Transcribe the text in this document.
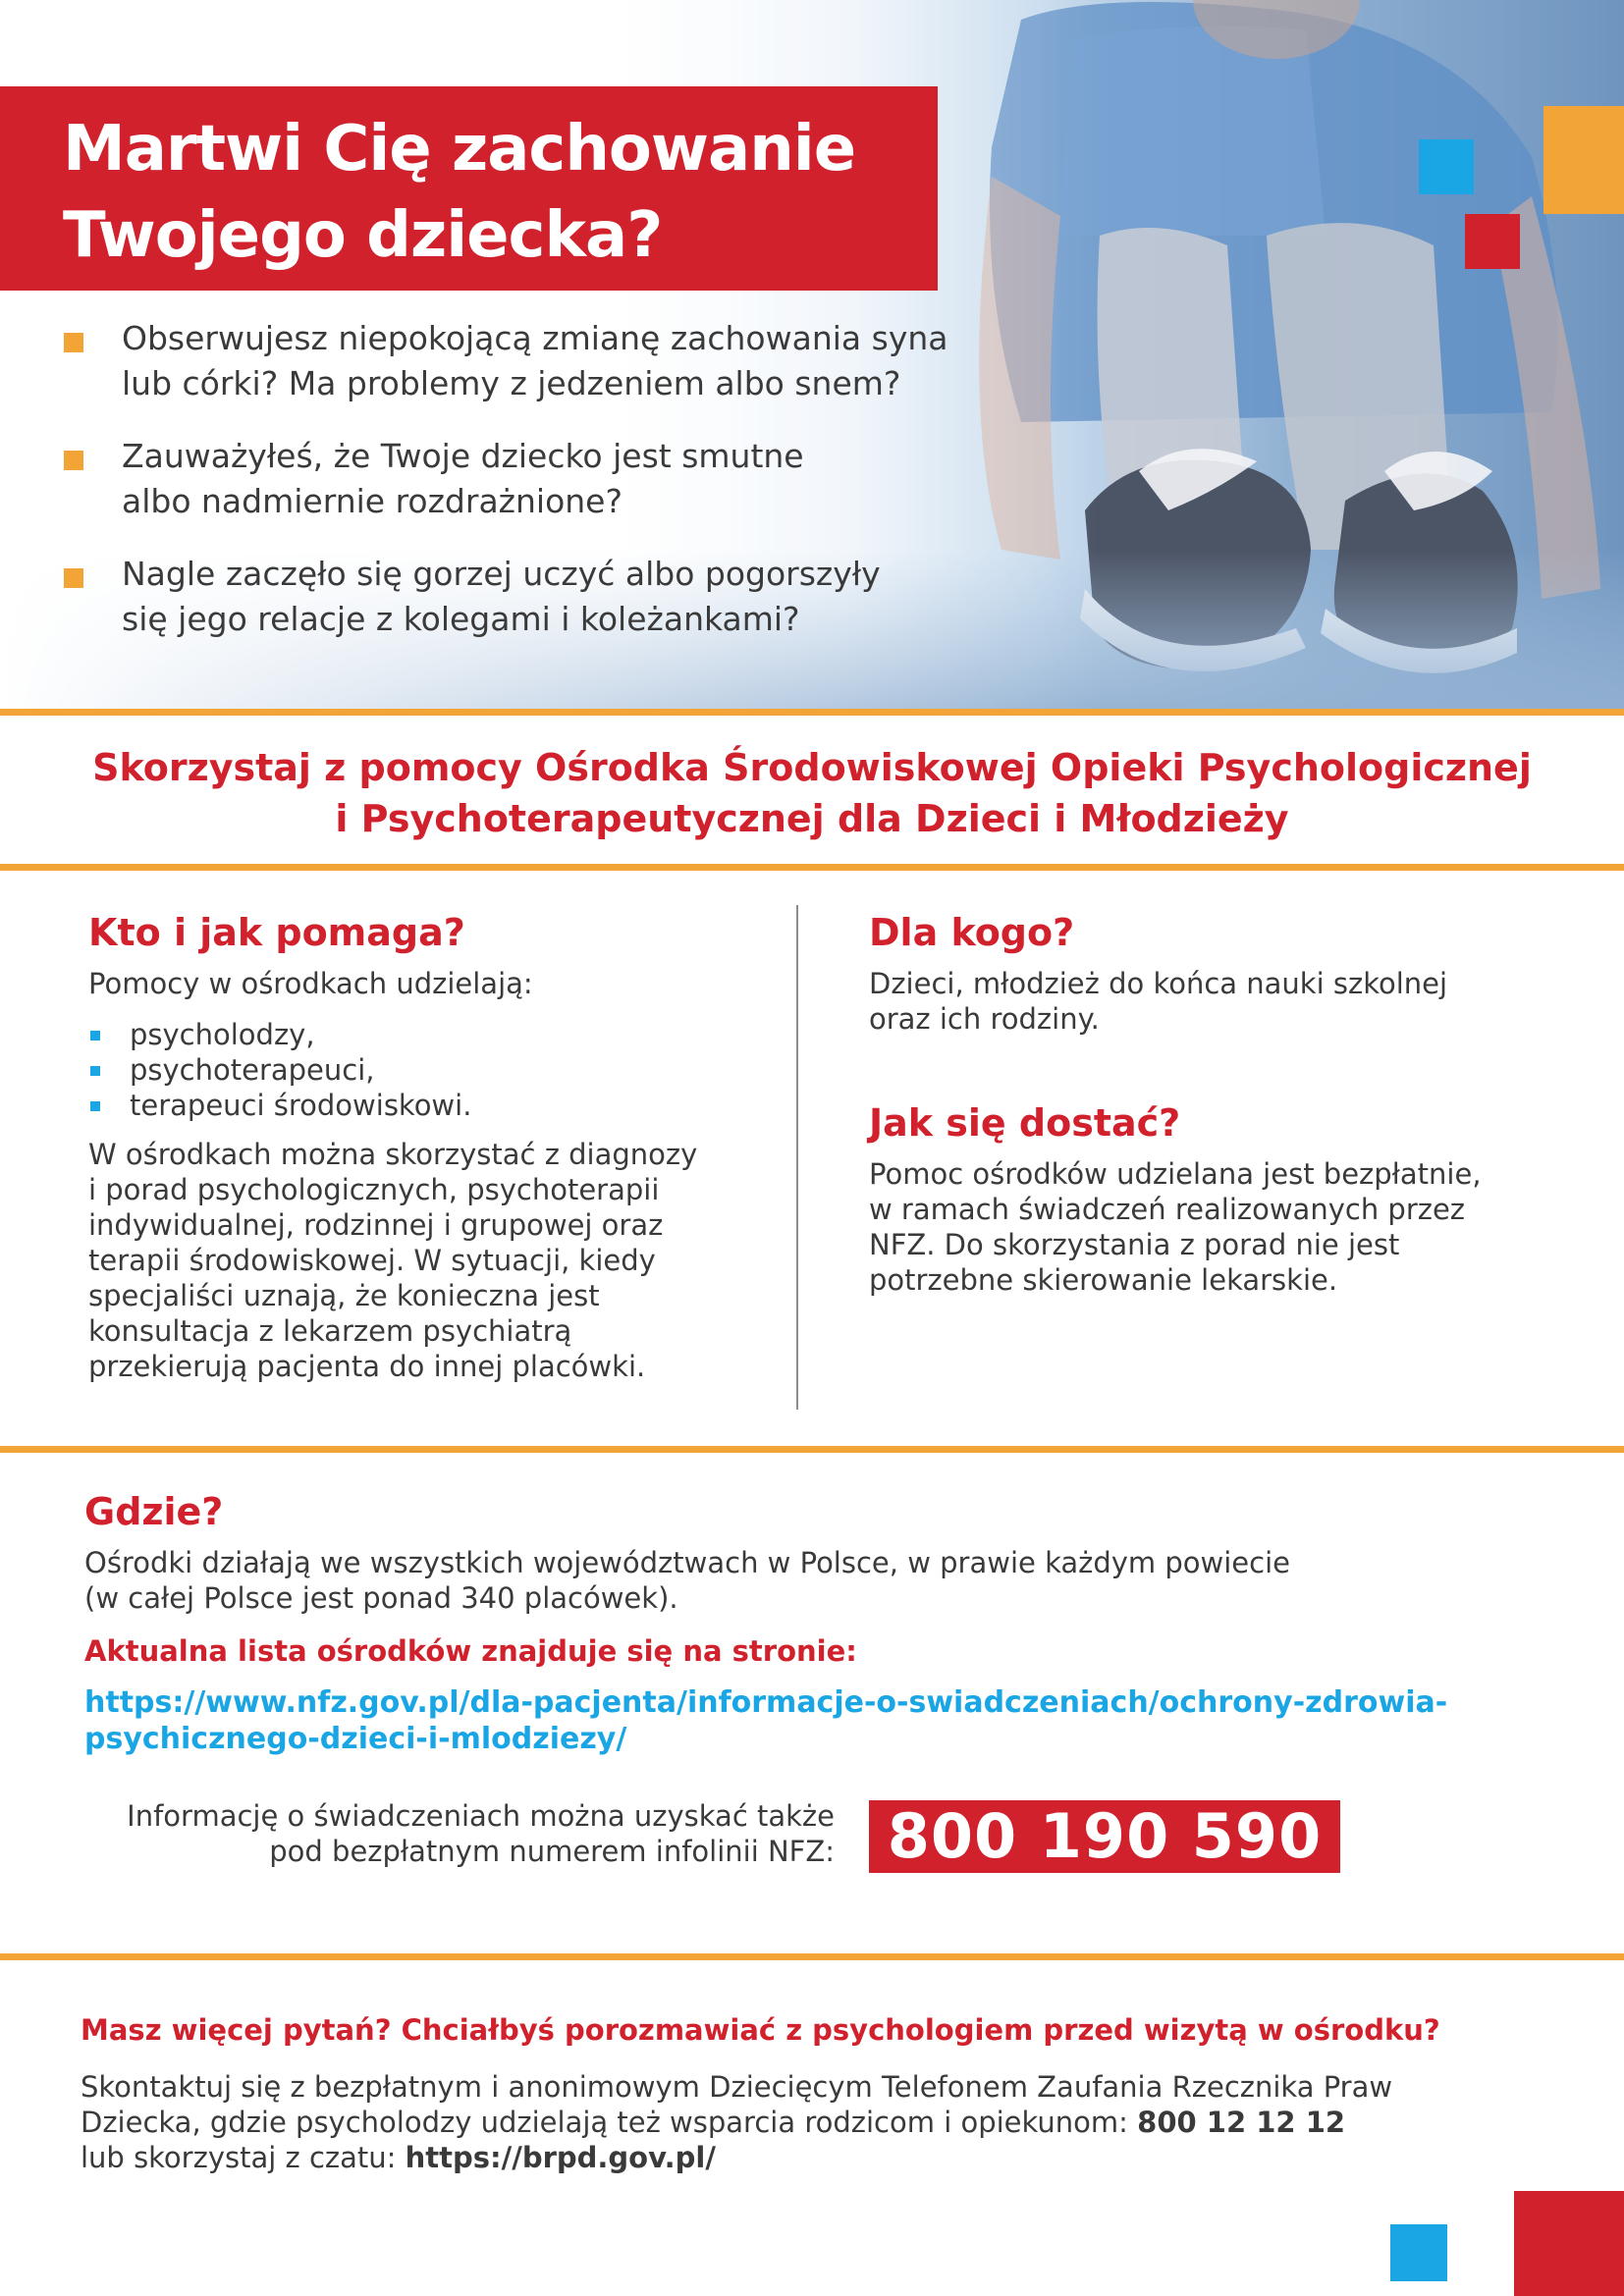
Martwi Cię zachowanie
Twojego dziecka?
Obserwujesz niepokojącą zmianę zachowania syna
lub córki? Ma problemy z jedzeniem albo snem?
Zauważyłeś, że Twoje dziecko jest smutne
albo nadmiernie rozdrażnione?
Nagle zaczęło się gorzej uczyć albo pogorszyły
się jego relacje z kolegami i koleżankami?
Skorzystaj z pomocy Ośrodka Środowiskowej Opieki Psychologicznej
i Psychoterapeutycznej dla Dzieci i Młodzieży
Kto i jak pomaga?

Pomocy w ośrodkach udzielają:

psycholodzy,
psychoterapeuci,
terapeuci środowiskowi.
W ośrodkach można skorzystać z diagnozy
i porad psychologicznych, psychoterapii
indywidualnej, rodzinnej i grupowej oraz
terapii środowiskowej. W sytuacji, kiedy
specjaliści uznają, że konieczna jest
konsultacja z lekarzem psychiatrą
przekierują pacjenta do innej placówki.
Dla kogo?
Dzieci, młodzież do końca nauki szkolnej
oraz ich rodziny.
Jak się dostać?
Pomoc ośrodków udzielana jest bezpłatnie,
w ramach świadczeń realizowanych przez
NFZ. Do skorzystania z porad nie jest
potrzebne skierowanie lekarskie.
Gdzie?
Ośrodki działają we wszystkich województwach w Polsce, w prawie każdym powiecie
(w całej Polsce jest ponad 340 placówek).
Aktualna lista ośrodków znajduje się na stronie:
https://www.nfz.gov.pl/dla-pacjenta/informacje-o-swiadczeniach/ochrony-zdrowia-
psychicznego-dzieci-i-mlodziezy/
Informację o świadczeniach można uzyskać także
pod bezpłatnym numerem infolinii NFZ: 800 190 590
Masz więcej pytań? Chciałbyś porozmawiać z psychologiem przed wizytą w ośrodku?
Skontaktuj się z bezpłatnym i anonimowym Dziecięcym Telefonem Zaufania Rzecznika Praw
Dziecka, gdzie psycholodzy udzielają też wsparcia rodzicom i opiekunom: 800 12 12 12
lub skorzystaj z czatu: https://brpd.gov.pl/
